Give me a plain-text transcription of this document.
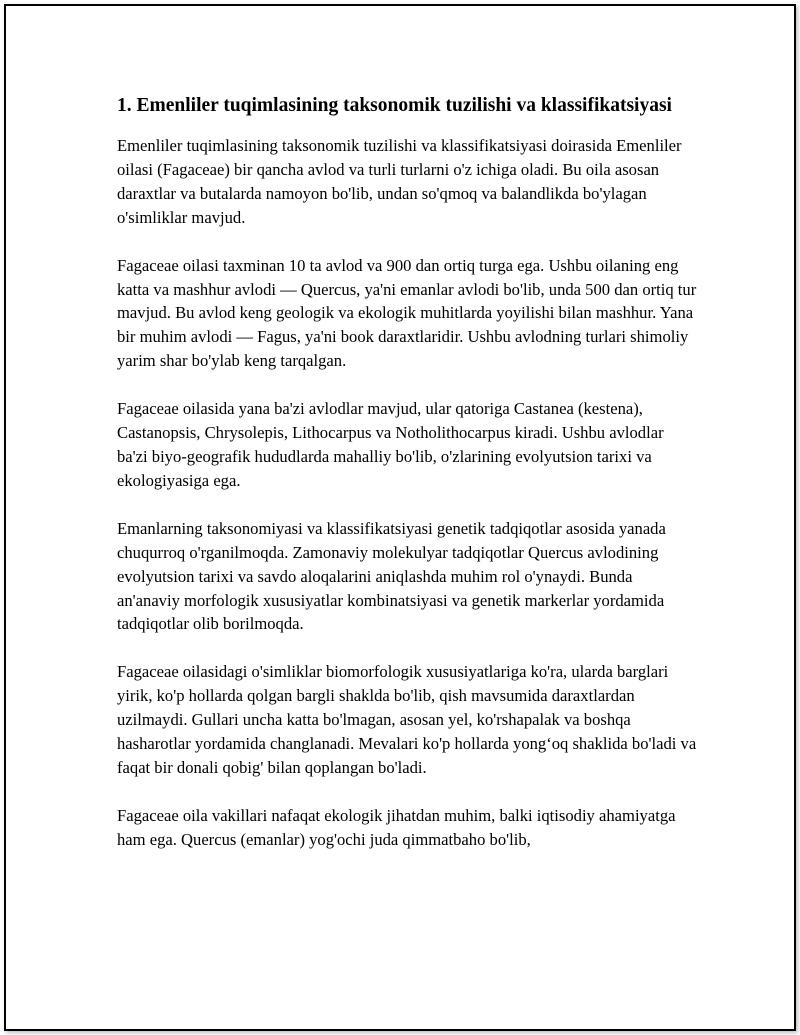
1. Emenliler tuqimlasining taksonomik tuzilishi va klassifikatsiyasi

Emenliler tuqimlasining taksonomik tuzilishi va klassifikatsiyasi doirasida Emenliler oilasi (Fagaceae) bir qancha avlod va turli turlarni o'z ichiga oladi. Bu oila asosan daraxtlar va butalarda namoyon bo'lib, undan so'qmoq va balandlikda bo'ylagan o'simliklar mavjud.

Fagaceae oilasi taxminan 10 ta avlod va 900 dan ortiq turga ega. Ushbu oilaning eng katta va mashhur avlodi — Quercus, ya'ni emanlar avlodi bo'lib, unda 500 dan ortiq tur mavjud. Bu avlod keng geologik va ekologik muhitlarda yoyilishi bilan mashhur. Yana bir muhim avlodi — Fagus, ya'ni book daraxtlaridir. Ushbu avlodning turlari shimoliy yarim shar bo'ylab keng tarqalgan.

Fagaceae oilasida yana ba'zi avlodlar mavjud, ular qatoriga Castanea (kestena), Castanopsis, Chrysolepis, Lithocarpus va Notholithocarpus kiradi. Ushbu avlodlar ba'zi biyo-geografik hududlarda mahalliy bo'lib, o'zlarining evolyutsion tarixi va ekologiyasiga ega.

Emanlarning taksonomiyasi va klassifikatsiyasi genetik tadqiqotlar asosida yanada chuqurroq o'rganilmoqda. Zamonaviy molekulyar tadqiqotlar Quercus avlodining evolyutsion tarixi va savdo aloqalarini aniqlashda muhim rol o'ynaydi. Bunda an'anaviy morfologik xususiyatlar kombinatsiyasi va genetik markerlar yordamida tadqiqotlar olib borilmoqda.

Fagaceae oilasidagi o'simliklar biomorfologik xususiyatlariga ko'ra, ularda barglari yirik, ko'p hollarda qolgan bargli shaklda bo'lib, qish mavsumida daraxtlardan uzilmaydi. Gullari uncha katta bo'lmagan, asosan yel, ko'rshapalak va boshqa hasharotlar yordamida changlanadi. Mevalari ko'p hollarda yong‘oq shaklida bo'ladi va faqat bir donali qobig' bilan qoplangan bo'ladi.

Fagaceae oila vakillari nafaqat ekologik jihatdan muhim, balki iqtisodiy ahamiyatga ham ega. Quercus (emanlar) yog'ochi juda qimmatbaho bo'lib,
